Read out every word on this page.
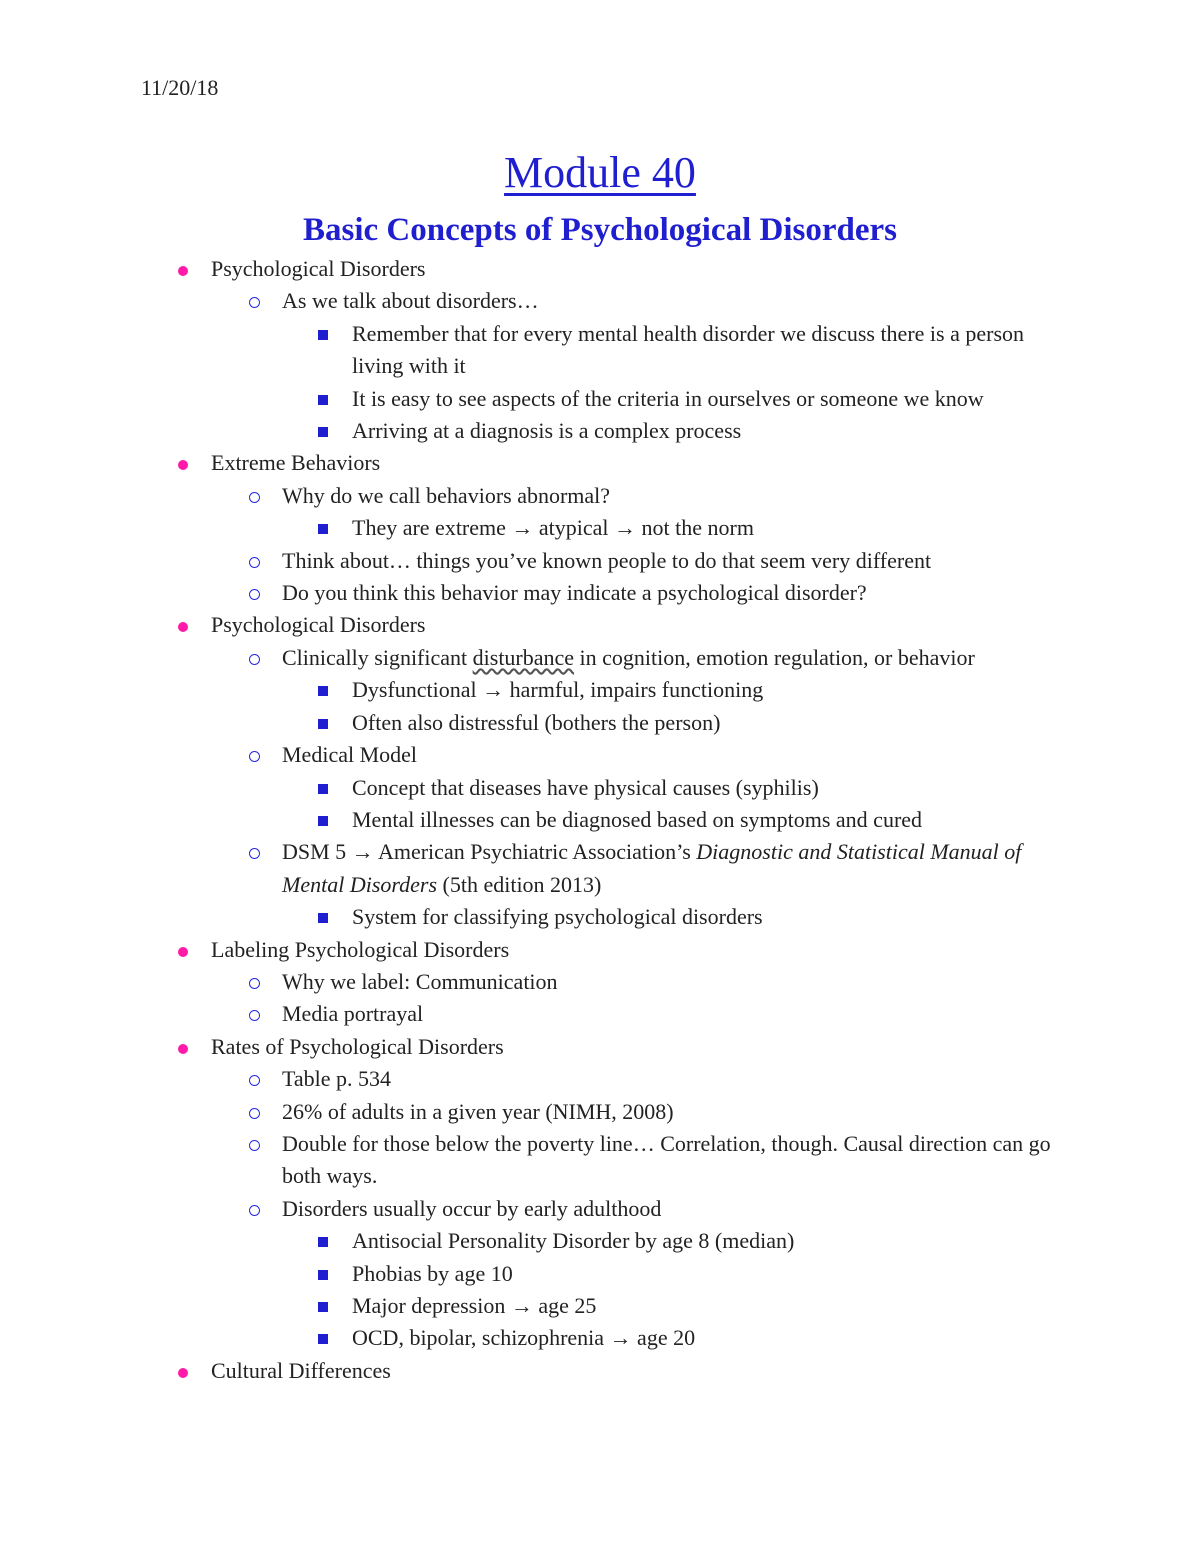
11/20/18
Module 40
Basic Concepts of Psychological Disorders
Psychological Disorders
As we talk about disorders…
Remember that for every mental health disorder we discuss there is a person living with it
It is easy to see aspects of the criteria in ourselves or someone we know
Arriving at a diagnosis is a complex process
Extreme Behaviors
Why do we call behaviors abnormal?
They are extreme → atypical → not the norm
Think about… things you’ve known people to do that seem very different
Do you think this behavior may indicate a psychological disorder?
Psychological Disorders
Clinically significant disturbance in cognition, emotion regulation, or behavior
Dysfunctional → harmful, impairs functioning
Often also distressful (bothers the person)
Medical Model
Concept that diseases have physical causes (syphilis)
Mental illnesses can be diagnosed based on symptoms and cured
DSM 5 → American Psychiatric Association’s Diagnostic and Statistical Manual of Mental Disorders (5th edition 2013)
System for classifying psychological disorders
Labeling Psychological Disorders
Why we label: Communication
Media portrayal
Rates of Psychological Disorders
Table p. 534
26% of adults in a given year (NIMH, 2008)
Double for those below the poverty line… Correlation, though. Causal direction can go both ways.
Disorders usually occur by early adulthood
Antisocial Personality Disorder by age 8 (median)
Phobias by age 10
Major depression → age 25
OCD, bipolar, schizophrenia → age 20
Cultural Differences
